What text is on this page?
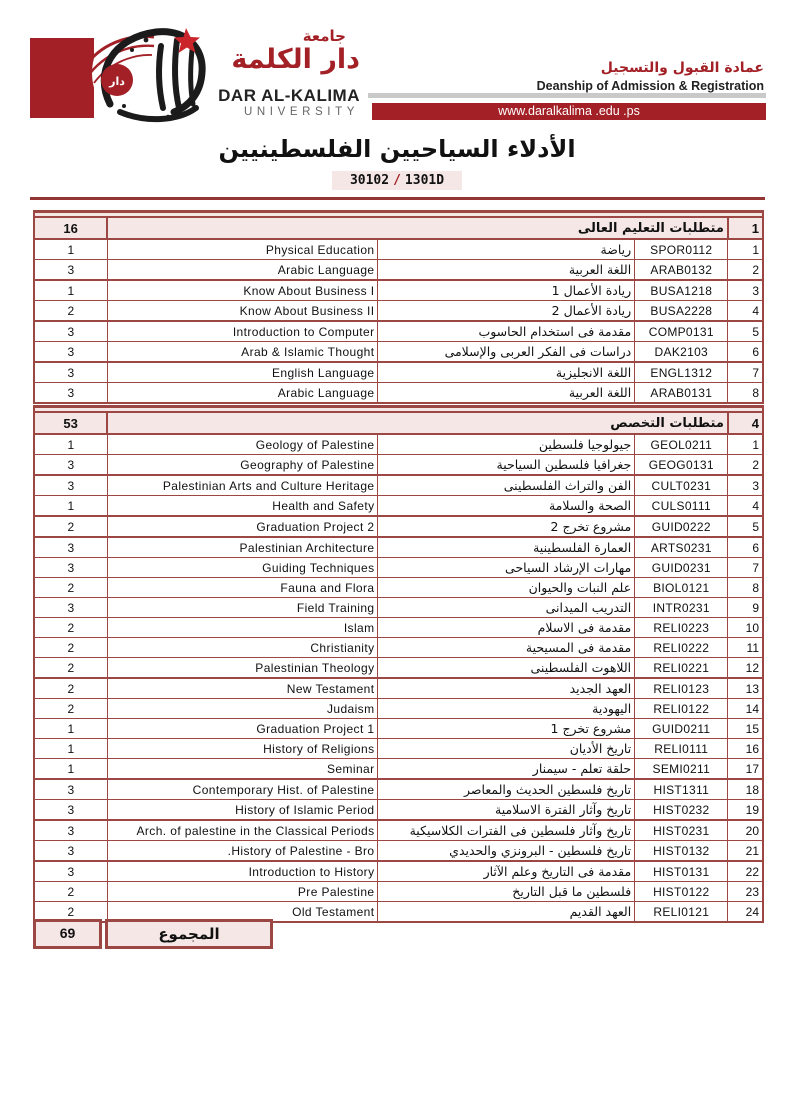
دار
جامعة
دار الكلمة
DAR AL-KALIMA
UNIVERSITY
عمادة القبول والتسجيل
Deanship of Admission & Registration
www.daralkalima .edu .ps
الأدلاء السياحيين الفلسطينيين
30102 / 1301D

1	متطلبات التعليم العالى			16
1	SPOR0112	رياضة	Physical Education	1
2	ARAB0132	اللغة العربية	Arabic Language	3
3	BUSA1218	ريادة الأعمال 1	Know About Business I	1
4	BUSA2228	ريادة الأعمال 2	Know About Business II	2
5	COMP0131	مقدمة فى استخدام الحاسوب	Introduction to Computer	3
6	DAK2103	دراسات فى الفكر العربى والإسلامى	Arab & Islamic Thought	3
7	ENGL1312	اللغة الانجليزية	English Language	3
8	ARAB0131	اللغة العربية	Arabic Language	3

4	متطلبات التخصص			53
1	GEOL0211	جيولوجيا فلسطين	Geology of Palestine	1
2	GEOG0131	جغرافيا فلسطين السياحية	Geography of Palestine	3
3	CULT0231	الفن والتراث الفلسطينى	Palestinian Arts and Culture Heritage	3
4	CULS0111	الصحة والسلامة	Health and Safety	1
5	GUID0222	مشروع تخرج 2	Graduation Project 2	2
6	ARTS0231	العمارة الفلسطينية	Palestinian Architecture	3
7	GUID0231	مهارات الإرشاد السياحى	Guiding Techniques	3
8	BIOL0121	علم النبات والحيوان	Fauna and Flora	2
9	INTR0231	التدريب الميدانى	Field Training	3
10	RELI0223	مقدمة فى الاسلام	Islam	2
11	RELI0222	مقدمة فى المسيحية	Christianity	2
12	RELI0221	اللاهوت الفلسطينى	Palestinian Theology	2
13	RELI0123	العهد الجديد	New Testament	2
14	RELI0122	اليهودية	Judaism	2
15	GUID0211	مشروع تخرج 1	Graduation Project 1	1
16	RELI0111	تاريخ الأديان	History of Religions	1
17	SEMI0211	حلقة تعلم - سيمنار	Seminar	1
18	HIST1311	تاريخ فلسطين الحديث والمعاصر	Contemporary Hist. of Palestine	3
19	HIST0232	تاريخ وآثار الفترة الاسلامية	History of Islamic Period	3
20	HIST0231	تاريخ وآثار فلسطين فى الفترات الكلاسيكية	Arch. of palestine in the Classical Periods	3
21	HIST0132	تاريخ فلسطين - البرونزي والحديدي	History of Palestine - Bro.	3
22	HIST0131	مقدمة فى التاريخ وعلم الآثار	Introduction to History	3
23	HIST0122	فلسطين ما قبل التاريخ	Pre Palestine	2
24	RELI0121	العهد القديم	Old Testament	2
69	المجموع
